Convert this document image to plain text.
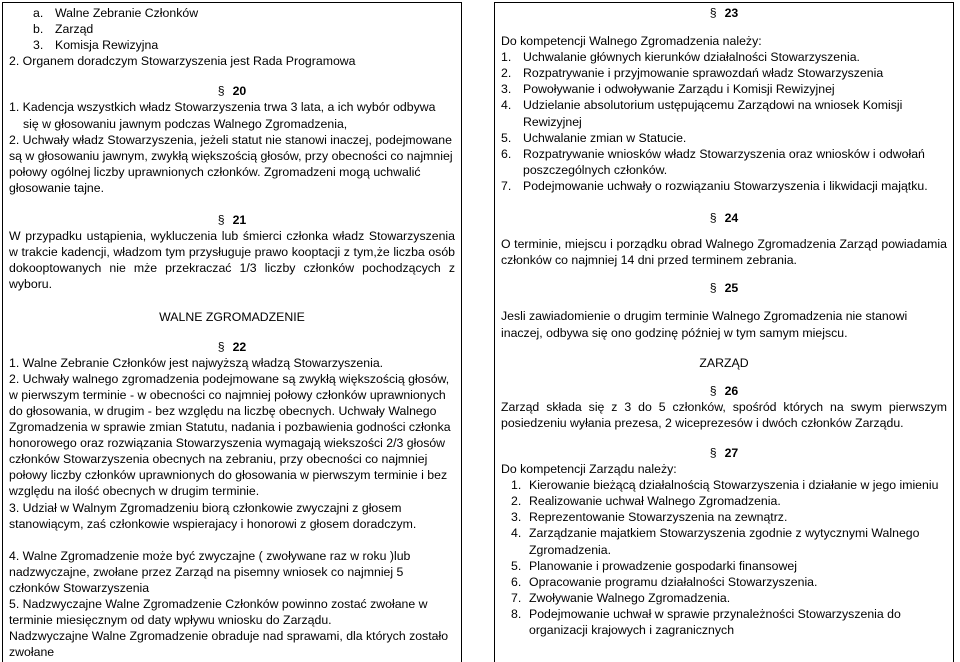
a. Walne Zebranie Członków
b. Zarząd
3. Komisja Rewizyjna

2. Organem doradczym Stowarzyszenia jest Rada Programowa

§ 20

1. Kadencja wszystkich władz Stowarzyszenia trwa 3 lata, a ich wybór odbywa

się w głosowaniu jawnym podczas Walnego Zgromadzenia,

2. Uchwały władz Stowarzyszenia, jeżeli statut nie stanowi inaczej, podejmowane są w głosowaniu jawnym, zwykłą większością głosów, przy obecności co najmniej połowy ogólnej liczby uprawnionych członków. Zgromadzeni mogą uchwalić głosowanie tajne.

§ 21

W przypadku ustąpienia, wykluczenia lub śmierci członka władz Stowarzyszenia w trakcie kadencji, władzom tym przysługuje prawo kooptacji z tym,że liczba osób dokooptowanych nie mże przekraczać 1/3 liczby członków pochodzących z wyboru.

WALNE ZGROMADZENIE
§ 22

1. Walne Zebranie Członków jest najwyższą władzą Stowarzyszenia.

2. Uchwały walnego zgromadzenia podejmowane są zwykłą większością głosów, w pierwszym terminie - w obecności co najmniej połowy członków uprawnionych do głosowania, w drugim - bez względu na liczbę obecnych. Uchwały Walnego Zgromadzenia w sprawie zmian Statutu, nadania i pozbawienia godności członka honorowego oraz rozwiązania Stowarzyszenia wymagają wiekszości 2/3 głosów członków Stowarzyszenia obecnych na zebraniu, przy obecności co najmniej połowy liczby członków uprawnionych do głosowania w pierwszym terminie i bez względu na ilość obecnych w drugim terminie.

3. Udział w Walnym Zgromadzeniu biorą członkowie zwyczajni z głosem stanowiącym, zaś członkowie wspierajacy i honorowi z głosem doradczym.

4. Walne Zgromadzenie może być zwyczajne ( zwoływane raz w roku )lub nadzwyczajne, zwołane przez Zarząd na pisemny wniosek co najmniej 5 członków Stowarzyszenia

5. Nadzwyczajne Walne Zgromadzenie Członków powinno zostać zwołane w terminie miesięcznym od daty wpływu wniosku do Zarządu.

Nadzwyczajne Walne Zgromadzenie obraduje nad sprawami, dla których zostało zwołane

§ 23

Do kompetencji Walnego Zgromadzenia należy:

1. Uchwalanie głównych kierunków działalności Stowarzyszenia.
2. Rozpatrywanie i przyjmowanie sprawozdań władz Stowarzyszenia
3. Powoływanie i odwoływanie Zarządu i Komisji Rewizyjnej
4. Udzielanie absolutorium ustępującemu Zarządowi na wniosek Komisji Rewizyjnej
5. Uchwalanie zmian w Statucie.
6. Rozpatrywanie wniosków władz Stowarzyszenia oraz wniosków i odwołań poszczególnych członków.
7. Podejmowanie uchwały o rozwiązaniu Stowarzyszenia i likwidacji majątku.
§ 24

O terminie, miejscu i porządku obrad Walnego Zgromadzenia Zarząd powiadamia członków co najmniej 14 dni przed terminem zebrania.

§ 25

Jesli zawiadomienie o drugim terminie Walnego Zgromadzenia nie stanowi inaczej, odbywa się ono godzinę później w tym samym miejscu.

ZARZĄD
§ 26

Zarząd składa się z 3 do 5 członków, spośród których na swym pierwszym posiedzeniu wyłania prezesa, 2 wiceprezesów i dwóch członków Zarządu.

§ 27

Do kompetencji Zarządu należy:

1. Kierowanie bieżącą działalnością Stowarzyszenia i działanie w jego imieniu
2. Realizowanie uchwał Walnego Zgromadzenia.
3. Reprezentowanie Stowarzyszenia na zewnątrz.
4. Zarządzanie majatkiem Stowarzyszenia zgodnie z wytycznymi Walnego Zgromadzenia.
5. Planowanie i prowadzenie gospodarki finansowej
6. Opracowanie programu działalności Stowarzyszenia.
7. Zwoływanie Walnego Zgromadzenia.
8. Podejmowanie uchwał w sprawie przynależności Stowarzyszenia do organizacji krajowych i zagranicznych
